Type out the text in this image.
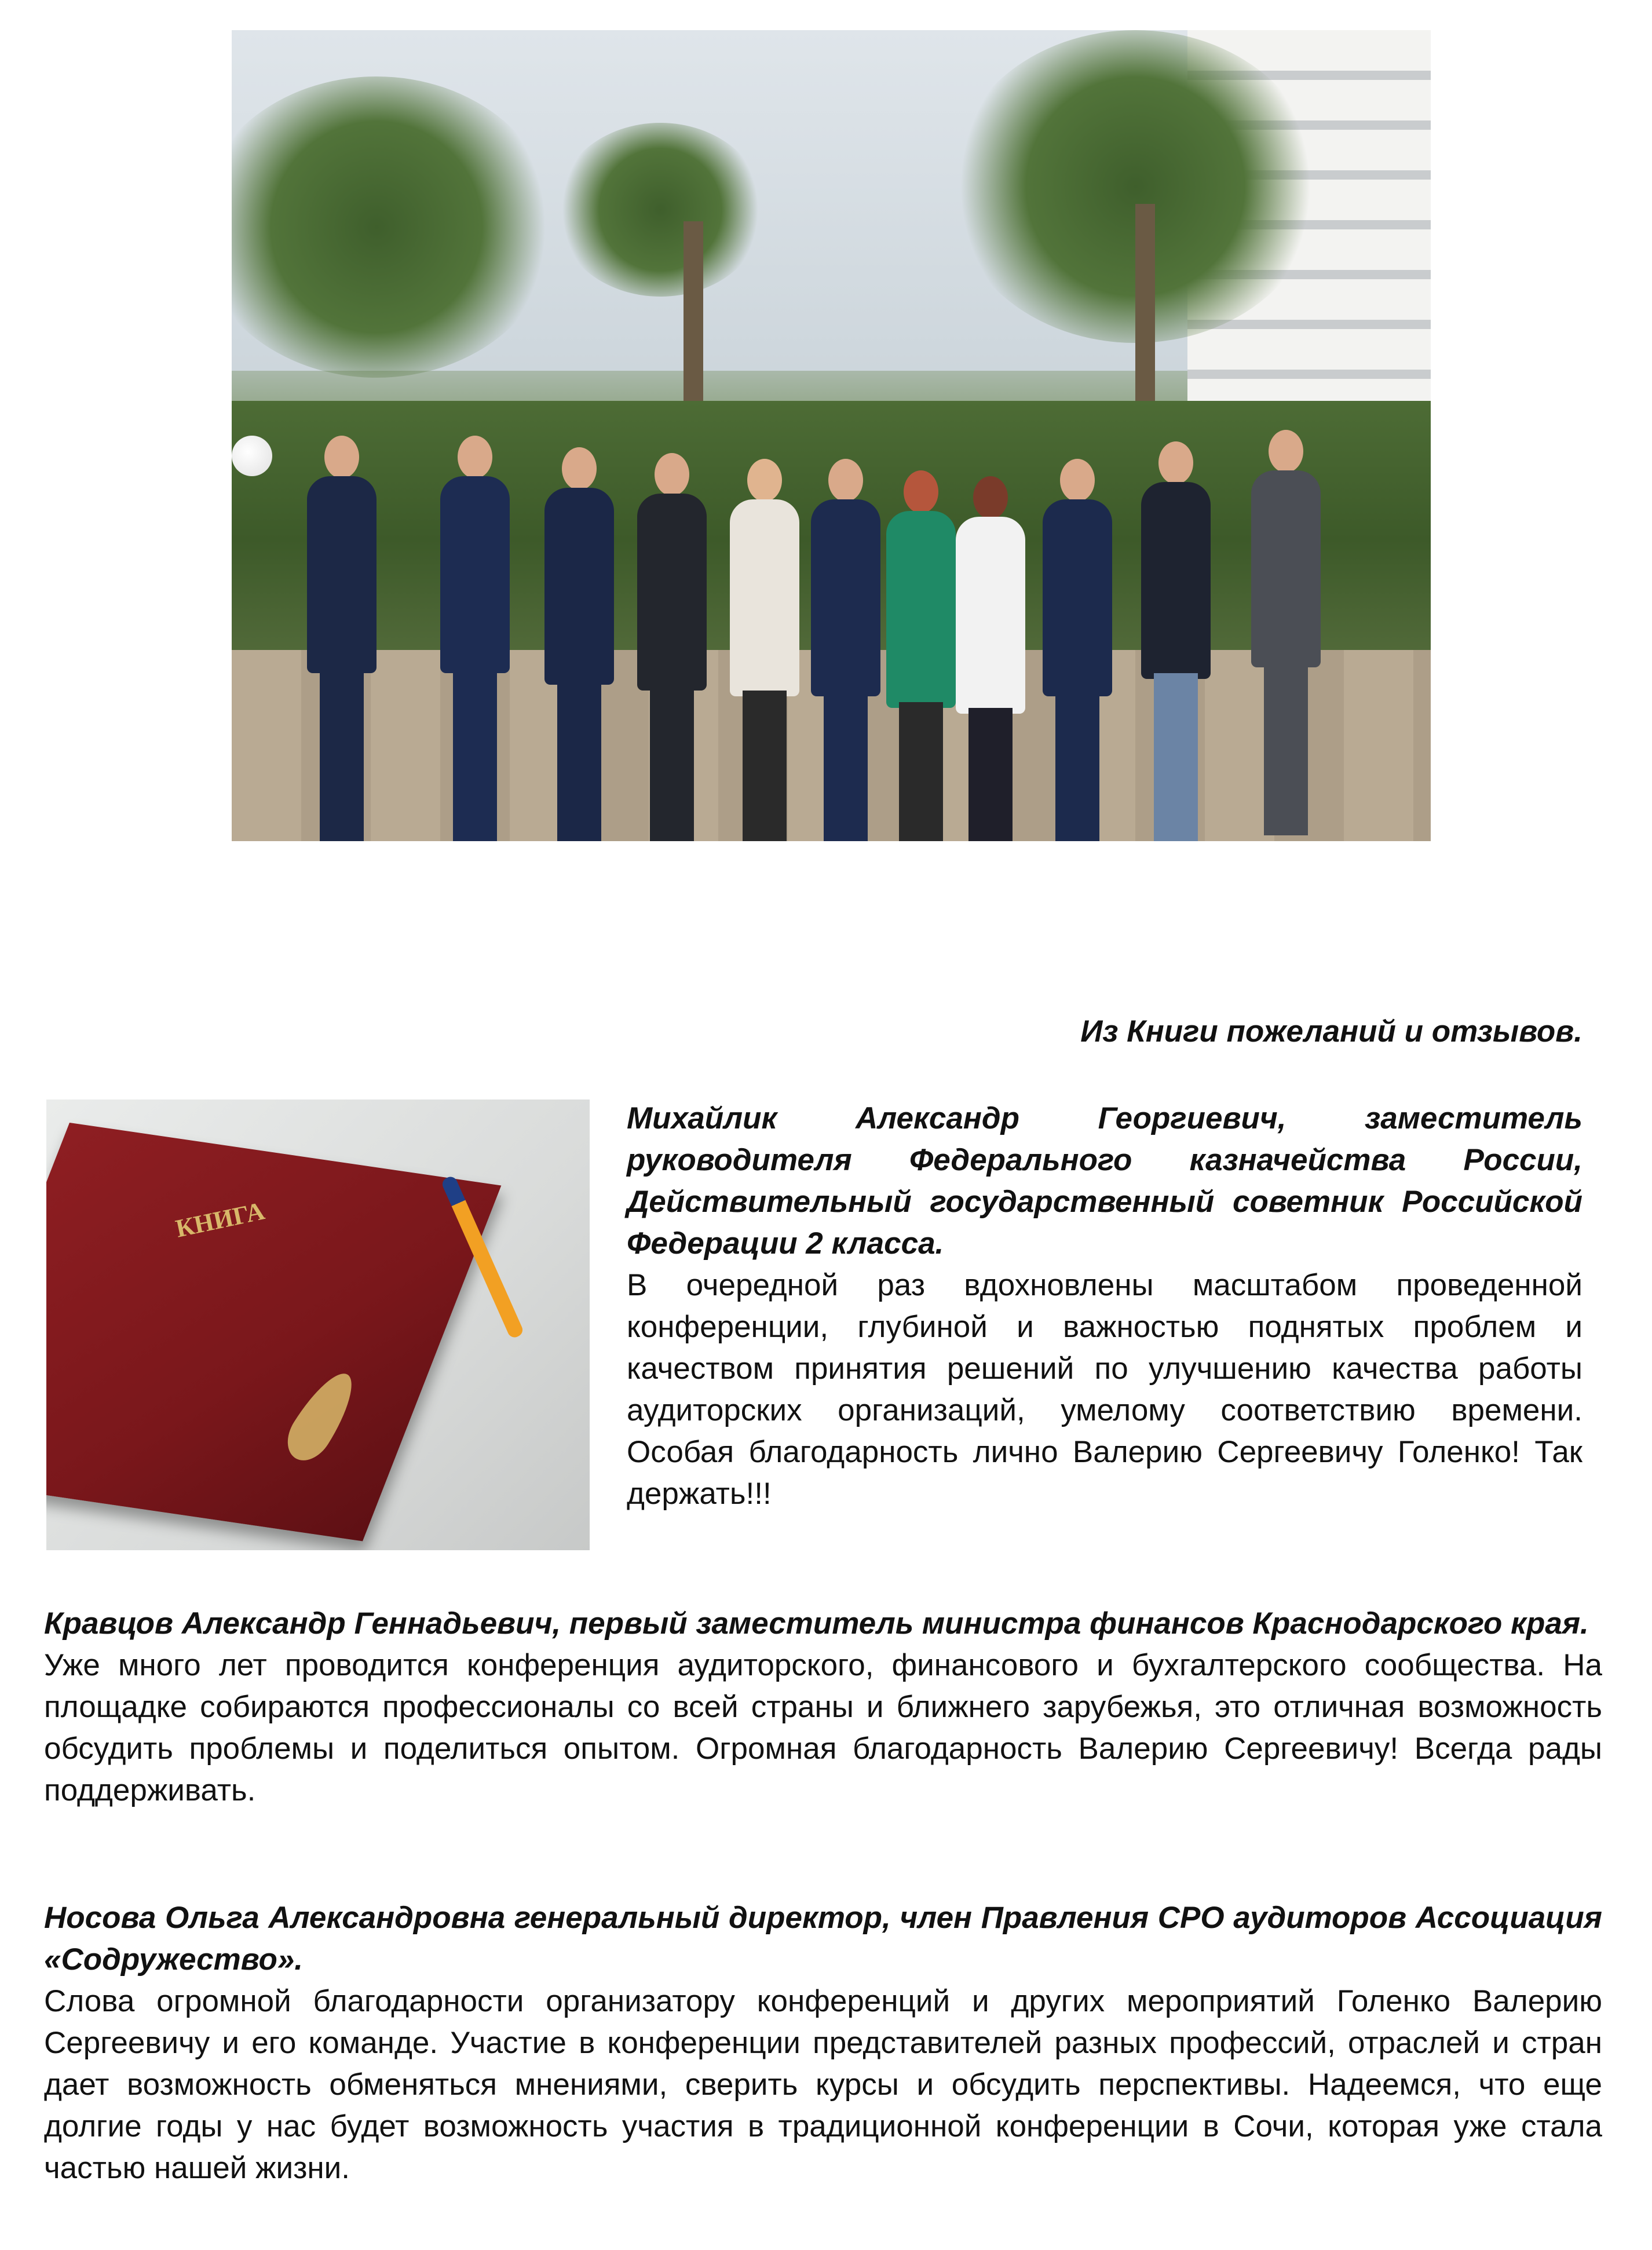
Из Книги пожеланий и отзывов.
КНИГА
Михайлик Александр Георгиевич, заместитель руководителя Федерального казначейства России, Действительный государственный советник Российской Федерации 2 класса.
В очередной раз вдохновлены масштабом проведенной конференции, глубиной и важностью поднятых проблем и качеством принятия решений по улучшению качества работы аудиторских организаций, умелому соответствию времени. Особая благодарность лично Валерию Сергеевичу Голенко! Так держать!!!
Кравцов Александр Геннадьевич, первый заместитель министра финансов Краснодарского края.
Уже много лет проводится конференция аудиторского, финансового и бухгалтерского сообщества. На площадке собираются профессионалы со всей страны и ближнего зарубежья, это отличная возможность обсудить проблемы и поделиться опытом. Огромная благодарность Валерию Сергеевичу! Всегда рады поддерживать.
Носова Ольга Александровна генеральный директор, член Правления СРО аудиторов Ассоциация «Содружество».
Слова огромной благодарности организатору конференций и других мероприятий Голенко Валерию Сергеевичу и его команде. Участие в конференции представителей разных профессий, отраслей и стран дает возможность обменяться мнениями, сверить курсы и обсудить перспективы. Надеемся, что еще долгие годы у нас будет возможность участия в традиционной конференции в Сочи, которая уже стала частью нашей жизни.
